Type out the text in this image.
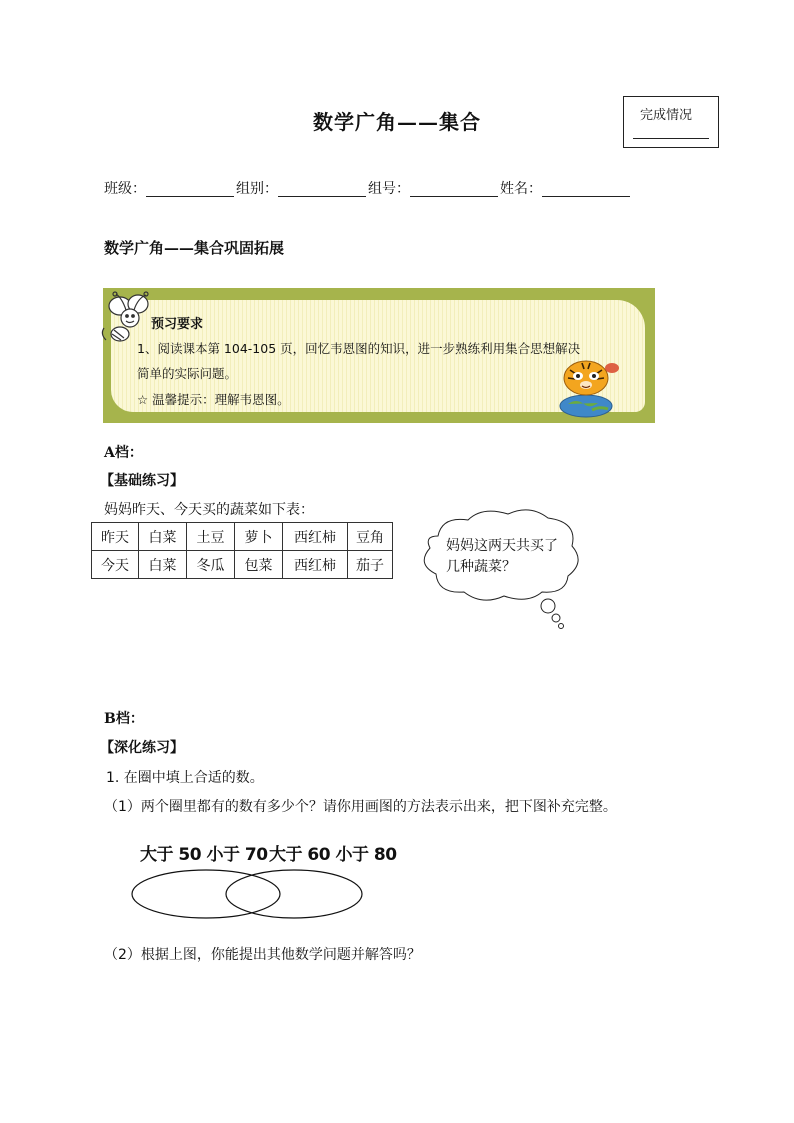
数学广角——集合	完成情况
班级：	组别：	组号：	姓名：
数学广角——集合巩固拓展
预习要求
1、阅读课本第 104-105 页，回忆韦恩图的知识，进一步熟练利用集合思想解决
简单的实际问题。
☆ 温馨提示：理解韦恩图。
A档：
【基础练习】
妈妈昨天、今天买的蔬菜如下表：
昨天	白菜	土豆	萝卜	西红柿	豆角
今天	白菜	冬瓜	包菜	西红柿	茄子
妈妈这两天共买了
几种蔬菜？
B档：
【深化练习】
1. 在圈中填上合适的数。
（1）两个圈里都有的数有多少个？请你用画图的方法表示出来，把下图补充完整。
大于 50 小于 70 大于 60 小于 80
（2）根据上图，你能提出其他数学问题并解答吗？
